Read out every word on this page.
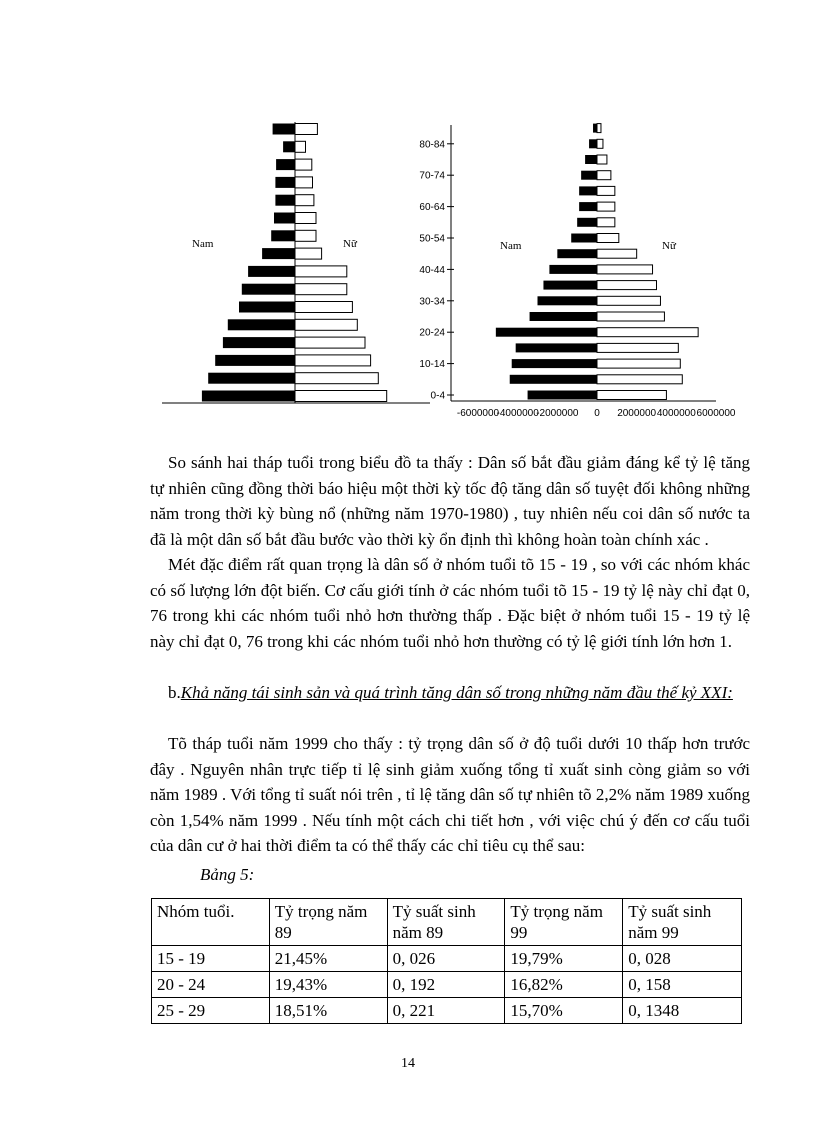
Nam	Nữ
0-4
10-14
20-24
30-34
40-44
50-54
60-64
70-74
80-84
-6000000
-4000000
-2000000 0 2000000 4000000 6000000
Nam	Nữ

So sánh hai tháp tuổi trong biểu đồ ta thấy : Dân số bắt đầu giảm đáng kể tỷ lệ tăng tự nhiên cũng đồng thời báo hiệu một thời kỳ tốc độ tăng dân số tuyệt đối không những năm trong thời kỳ bùng nổ (những năm 1970-1980) , tuy nhiên nếu coi dân số nước ta đã là một dân số bắt đầu bước vào thời kỳ ổn định thì không hoàn toàn chính xác .

Mét đặc điểm rất quan trọng là dân số ở nhóm tuổi tõ 15 - 19 , so với các nhóm khác có số lượng lớn đột biến. Cơ cấu giới tính ở các nhóm tuổi tõ 15 - 19 tỷ lệ này chỉ đạt 0, 76 trong khi các nhóm tuổi nhỏ hơn thường thấp . Đặc biệt ở nhóm tuổi 15 - 19 tỷ lệ này chỉ đạt 0, 76 trong khi các nhóm tuổi nhỏ hơn thường có tỷ lệ giới tính lớn hơn 1.

b.Khả năng tái sinh sản và quá trình tăng dân số trong những năm đầu thế kỷ XXI:

Tõ tháp tuổi năm 1999 cho thấy : tỷ trọng dân số ở độ tuổi dưới 10 thấp hơn trước đây . Nguyên nhân trực tiếp tỉ lệ sinh giảm xuống tổng tỉ xuất sinh còng giảm so với năm 1989 . Với tổng tỉ suất nói trên , tỉ lệ tăng dân số tự nhiên tõ 2,2% năm 1989 xuống còn 1,54% năm 1999 . Nếu tính một cách chi tiết hơn , với việc chú ý đến cơ cấu tuổi của dân cư ở hai thời điểm ta có thể thấy các chỉ tiêu cụ thể sau:

Bảng 5:
Nhóm tuổi.	Tỷ trọng năm 89	Tỷ suất sinh năm 89	Tỷ trọng năm 99	Tỷ suất sinh năm 99
15 - 19	21,45%	0, 026	19,79%	0, 028
20 - 24	19,43%	0, 192	16,82%	0, 158
25 - 29	18,51%	0, 221	15,70%	0, 1348
14
